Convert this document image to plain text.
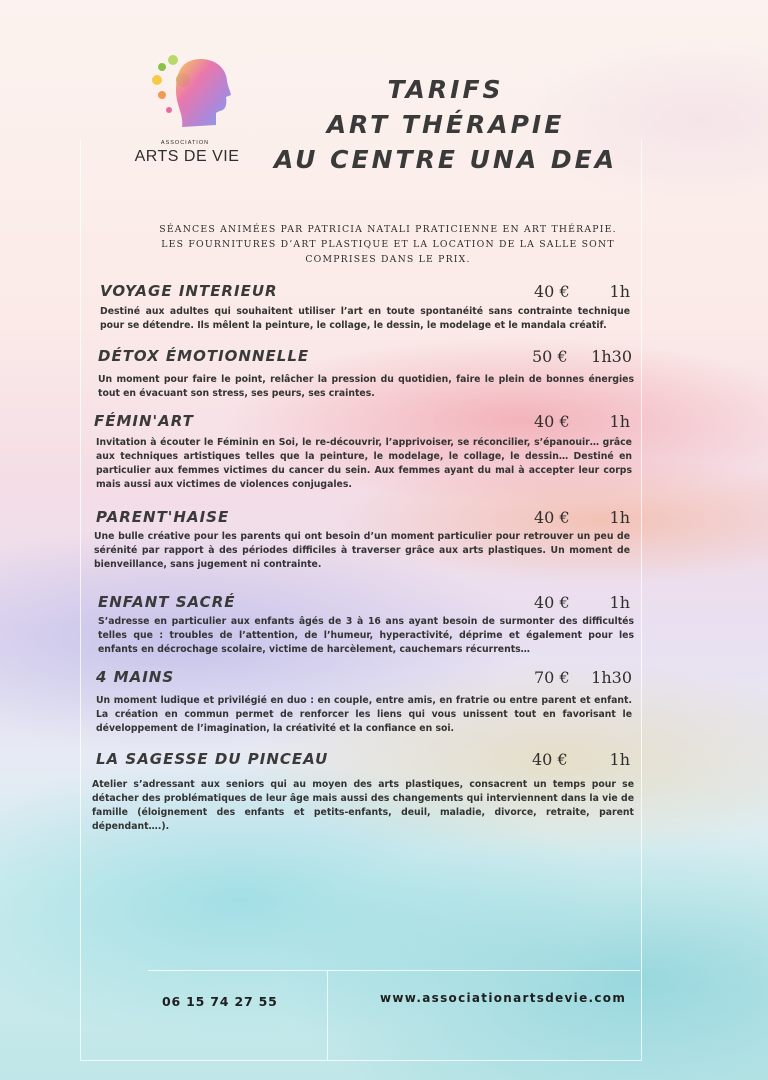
ASSOCIATION
ARTS DE VIE
TARIFS
ART THÉRAPIE
AU CENTRE UNA DEA
SÉANCES ANIMÉES PAR PATRICIA NATALI PRATICIENNE EN ART THÉRAPIE.
LES FOURNITURES D’ART PLASTIQUE ET LA LOCATION DE LA SALLE SONT
COMPRISES DANS LE PRIX.
VOYAGE INTERIEUR	40 €	1h
Destiné aux adultes qui souhaitent utiliser l’art en toute spontanéité sans contrainte technique pour se détendre. Ils mêlent la peinture, le collage, le dessin, le modelage et le mandala créatif.
DÉTOX ÉMOTIONNELLE	50 €	1h30
Un moment pour faire le point, relâcher la pression du quotidien, faire le plein de bonnes énergies tout en évacuant son stress, ses peurs, ses craintes.
FÉMIN'ART	40 €	1h
Invitation à écouter le Féminin en Soi, le re-découvrir, l’apprivoiser, se réconcilier, s’épanouir… grâce aux techniques artistiques telles que la peinture, le modelage, le collage, le dessin… Destiné en particulier aux femmes victimes du cancer du sein. Aux femmes ayant du mal à accepter leur corps mais aussi aux victimes de violences conjugales.
PARENT'HAISE	40 €	1h
Une bulle créative pour les parents qui ont besoin d’un moment particulier pour retrouver un peu de sérénité par rapport à des périodes difficiles à traverser grâce aux arts plastiques. Un moment de bienveillance, sans jugement ni contrainte.
ENFANT SACRÉ	40 €	1h
S’adresse en particulier aux enfants âgés de 3 à 16 ans ayant besoin de surmonter des difficultés telles que : troubles de l’attention, de l’humeur, hyperactivité, déprime et également pour les enfants en décrochage scolaire, victime de harcèlement, cauchemars récurrents…
4 MAINS	70 €	1h30
Un moment ludique et privilégié en duo : en couple, entre amis, en fratrie ou entre parent et enfant. La création en commun permet de renforcer les liens qui vous unissent tout en favorisant le développement de l’imagination, la créativité et la confiance en soi.
LA SAGESSE DU PINCEAU	40 €	1h
Atelier s’adressant aux seniors qui au moyen des arts plastiques, consacrent un temps pour se détacher des problématiques de leur âge mais aussi des changements qui interviennent dans la vie de famille (éloignement des enfants et petits-enfants, deuil, maladie, divorce, retraite, parent dépendant….).
06 15 74 27 55	www.associationartsdevie.com
